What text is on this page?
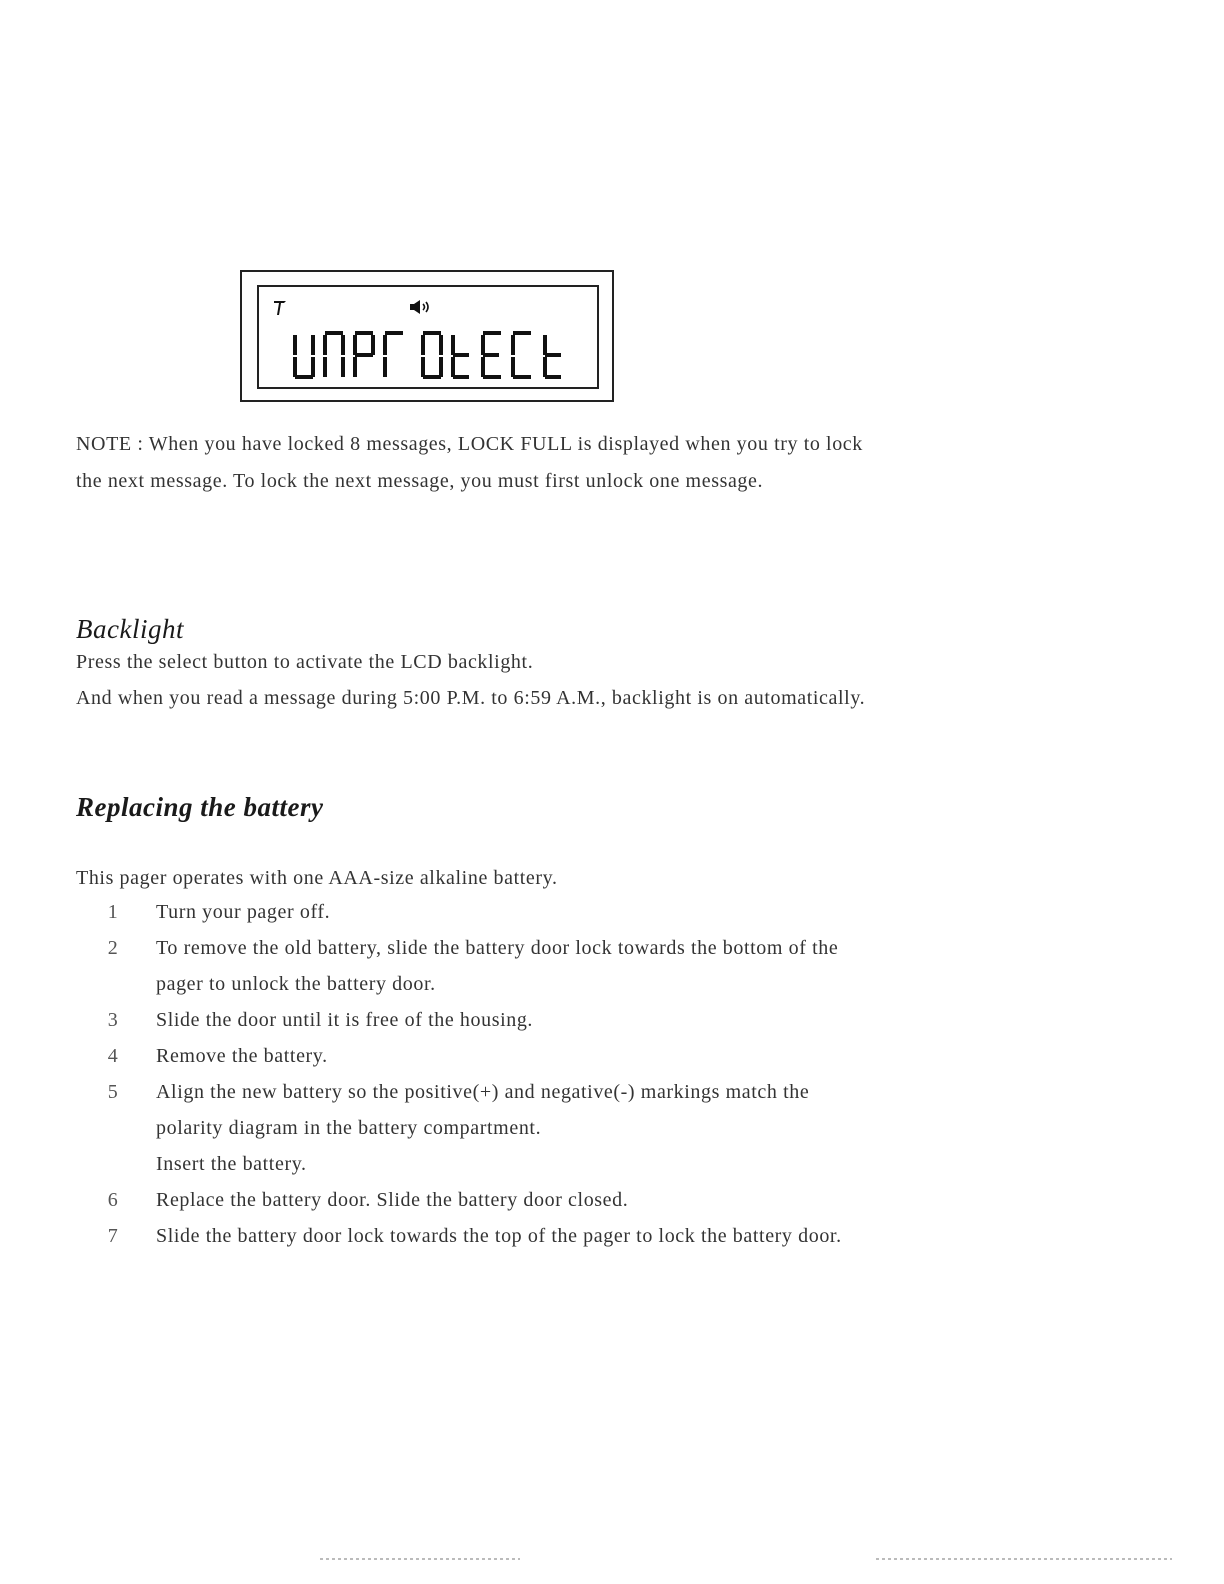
NOTE : When you have locked 8 messages, LOCK FULL is displayed when you try to lock the next message. To lock the next message, you must first unlock one message.

Backlight

Press the select button to activate the LCD backlight.

And when you read a message during 5:00 P.M. to 6:59 A.M., backlight is on automatically.

Replacing the battery

This pager operates with one AAA-size alkaline battery.

1	Turn your pager off.
2	To remove the old battery, slide the battery door lock towards the bottom of the pager to unlock the battery door.
3	Slide the door until it is free of the housing.
4	Remove the battery.
5	Align the new battery so the positive(+) and negative(-) markings match the polarity diagram in the battery compartment.
Insert the battery.
6	Replace the battery door. Slide the battery door closed.
7	Slide the battery door lock towards the top of the pager to lock the battery door.
